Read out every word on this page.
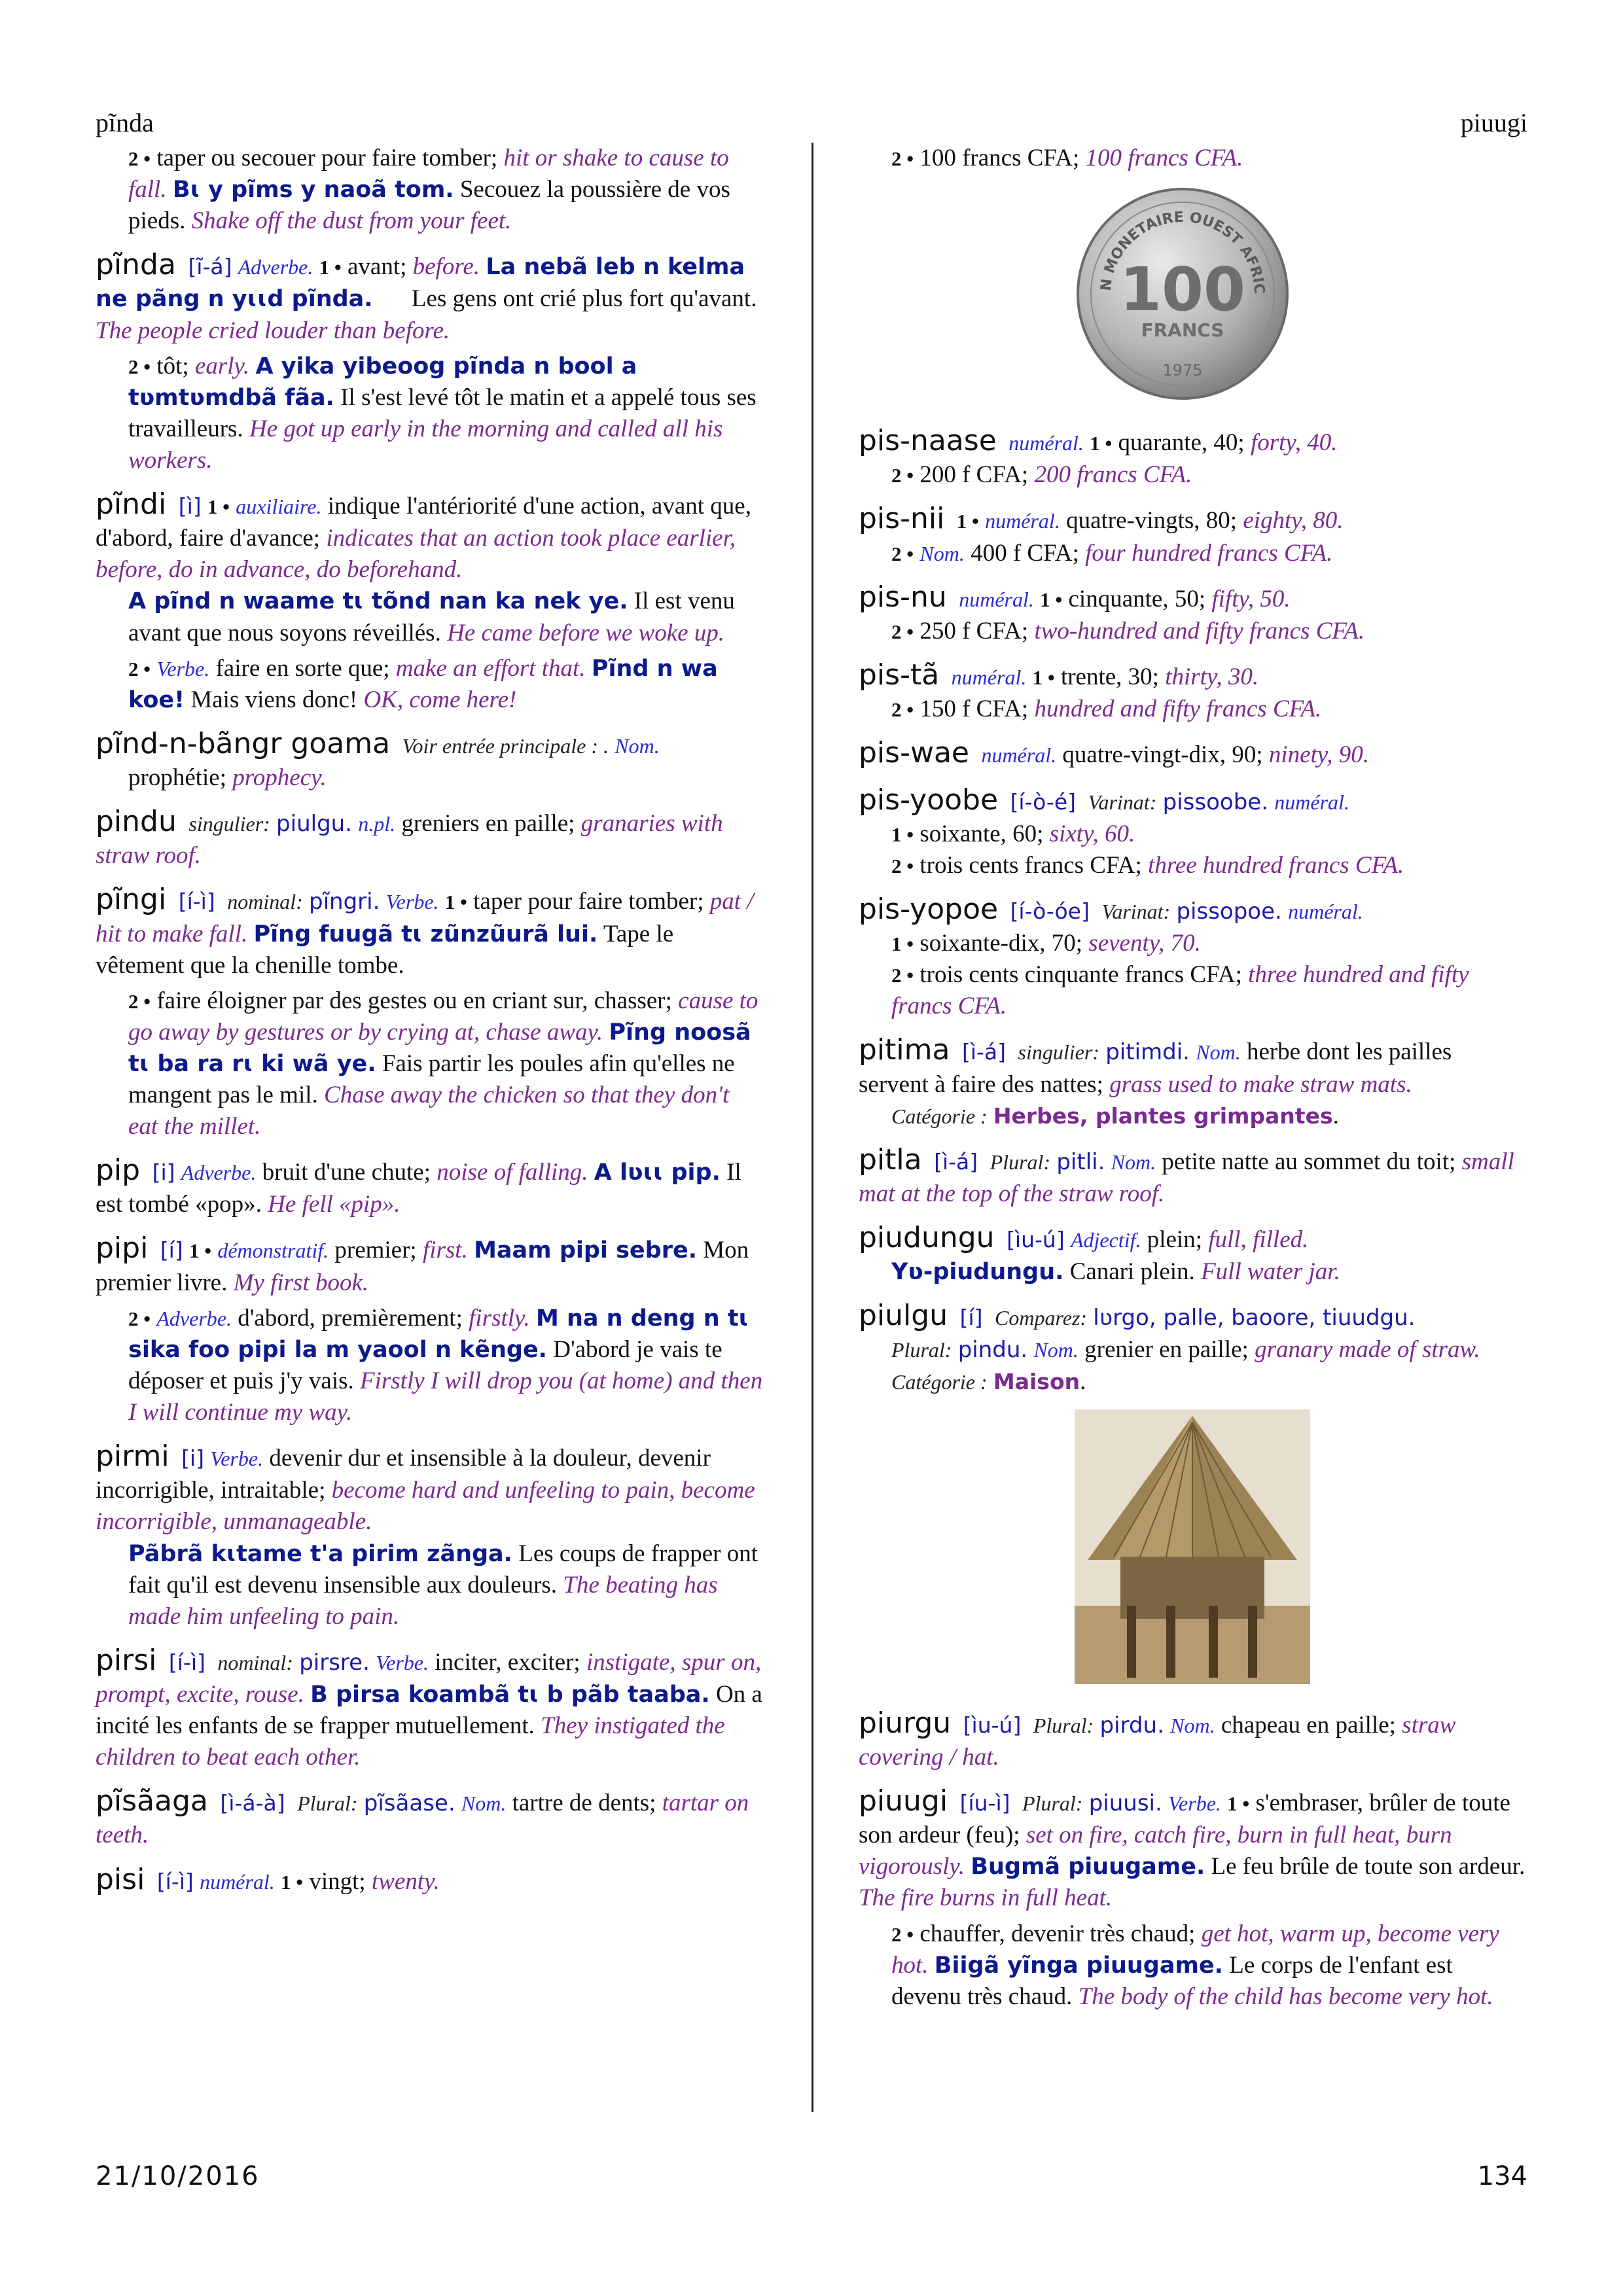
pĩnda	piuugi
2 • taper ou secouer pour faire tomber; hit or shake to cause to fall. Bɩ y pĩms y naoã tom. Secouez la poussière de vos pieds. Shake off the dust from your feet.
pĩnda [ĩ-á] Adverbe. 1 • avant; before. La nebã leb n kelma ne pãng n yɩɩd pĩnda. Les gens ont crié plus fort qu'avant. The people cried louder than before.
2 • tôt; early. A yika yibeoog pĩnda n bool a tʋmtʋmdbã fãa. Il s'est levé tôt le matin et a appelé tous ses travailleurs. He got up early in the morning and called all his workers.
pĩndi [ì] 1 • auxiliaire. indique l'antériorité d'une action, avant que, d'abord, faire d'avance; indicates that an action took place earlier, before, do in advance, do beforehand.
A pĩnd n waame tɩ tõnd nan ka nek ye. Il est venu avant que nous soyons réveillés. He came before we woke up.
2 • Verbe. faire en sorte que; make an effort that. Pĩnd n wa koe! Mais viens donc! OK, come here!
pĩnd-n-bãngr goama Voir entrée principale : . Nom.
prophétie; prophecy.
pindu singulier: piulgu. n.pl. greniers en paille; granaries with straw roof.
pĩngi [í-ì] nominal: pĩngri. Verbe. 1 • taper pour faire tomber; pat / hit to make fall. Pĩng fuugã tɩ zũnzũurã lui. Tape le vêtement que la chenille tombe.
2 • faire éloigner par des gestes ou en criant sur, chasser; cause to go away by gestures or by crying at, chase away. Pĩng noosã tɩ ba ra rɩ ki wã ye. Fais partir les poules afin qu'elles ne mangent pas le mil. Chase away the chicken so that they don't eat the millet.
pip [i] Adverbe. bruit d'une chute; noise of falling. A lʋɩɩ pip. Il est tombé «pop». He fell «pip».
pipi [í] 1 • démonstratif. premier; first. Maam pipi sebre. Mon premier livre. My first book.
2 • Adverbe. d'abord, premièrement; firstly. M na n deng n tɩ sika foo pipi la m yaool n kẽnge. D'abord je vais te déposer et puis j'y vais. Firstly I will drop you (at home) and then I will continue my way.
pirmi [i] Verbe. devenir dur et insensible à la douleur, devenir incorrigible, intraitable; become hard and unfeeling to pain, become incorrigible, unmanageable.
Pãbrã kɩtame t'a pirim zãnga. Les coups de frapper ont fait qu'il est devenu insensible aux douleurs. The beating has made him unfeeling to pain.
pirsi [í-ì] nominal: pirsre. Verbe. inciter, exciter; instigate, spur on, prompt, excite, rouse. B pirsa koambã tɩ b pãb taaba. On a incité les enfants de se frapper mutuellement. They instigated the children to beat each other.
pĩsãaga [ì-á-à] Plural: pĩsãase. Nom. tartre de dents; tartar on teeth.
pisi [í-ì] numéral. 1 • vingt; twenty.
2 • 100 francs CFA; 100 francs CFA.
N MONETAIRE OUEST AFRIC
100
FRANCS
1975
pis-naase numéral. 1 • quarante, 40; forty, 40.
2 • 200 f CFA; 200 francs CFA.
pis-nii 1 • numéral. quatre-vingts, 80; eighty, 80.
2 • Nom. 400 f CFA; four hundred francs CFA.
pis-nu numéral. 1 • cinquante, 50; fifty, 50.
2 • 250 f CFA; two-hundred and fifty francs CFA.
pis-tã numéral. 1 • trente, 30; thirty, 30.
2 • 150 f CFA; hundred and fifty francs CFA.
pis-wae numéral. quatre-vingt-dix, 90; ninety, 90.
pis-yoobe [í-ò-é] Varinat: pissoobe. numéral.
1 • soixante, 60; sixty, 60.
2 • trois cents francs CFA; three hundred francs CFA.
pis-yopoe [í-ò-óe] Varinat: pissopoe. numéral.
1 • soixante-dix, 70; seventy, 70.
2 • trois cents cinquante francs CFA; three hundred and fifty francs CFA.
pitima [ì-á] singulier: pitimdi. Nom. herbe dont les pailles servent à faire des nattes; grass used to make straw mats.
Catégorie : Herbes, plantes grimpantes.
pitla [ì-á] Plural: pitli. Nom. petite natte au sommet du toit; small mat at the top of the straw roof.
piudungu [ìu-ú] Adjectif. plein; full, filled.
Yʋ-piudungu. Canari plein. Full water jar.
piulgu [í] Comparez: lʋrgo, palle, baoore, tiuudgu.
Plural: pindu. Nom. grenier en paille; granary made of straw. Catégorie : Maison.
piurgu [ìu-ú] Plural: pirdu. Nom. chapeau en paille; straw covering / hat.
piuugi [íu-ì] Plural: piuusi. Verbe. 1 • s'embraser, brûler de toute son ardeur (feu); set on fire, catch fire, burn in full heat, burn vigorously. Bugmã piuugame. Le feu brûle de toute son ardeur. The fire burns in full heat.
2 • chauffer, devenir très chaud; get hot, warm up, become very hot. Biigã yĩnga piuugame. Le corps de l'enfant est devenu très chaud. The body of the child has become very hot.
21/10/2016	134
